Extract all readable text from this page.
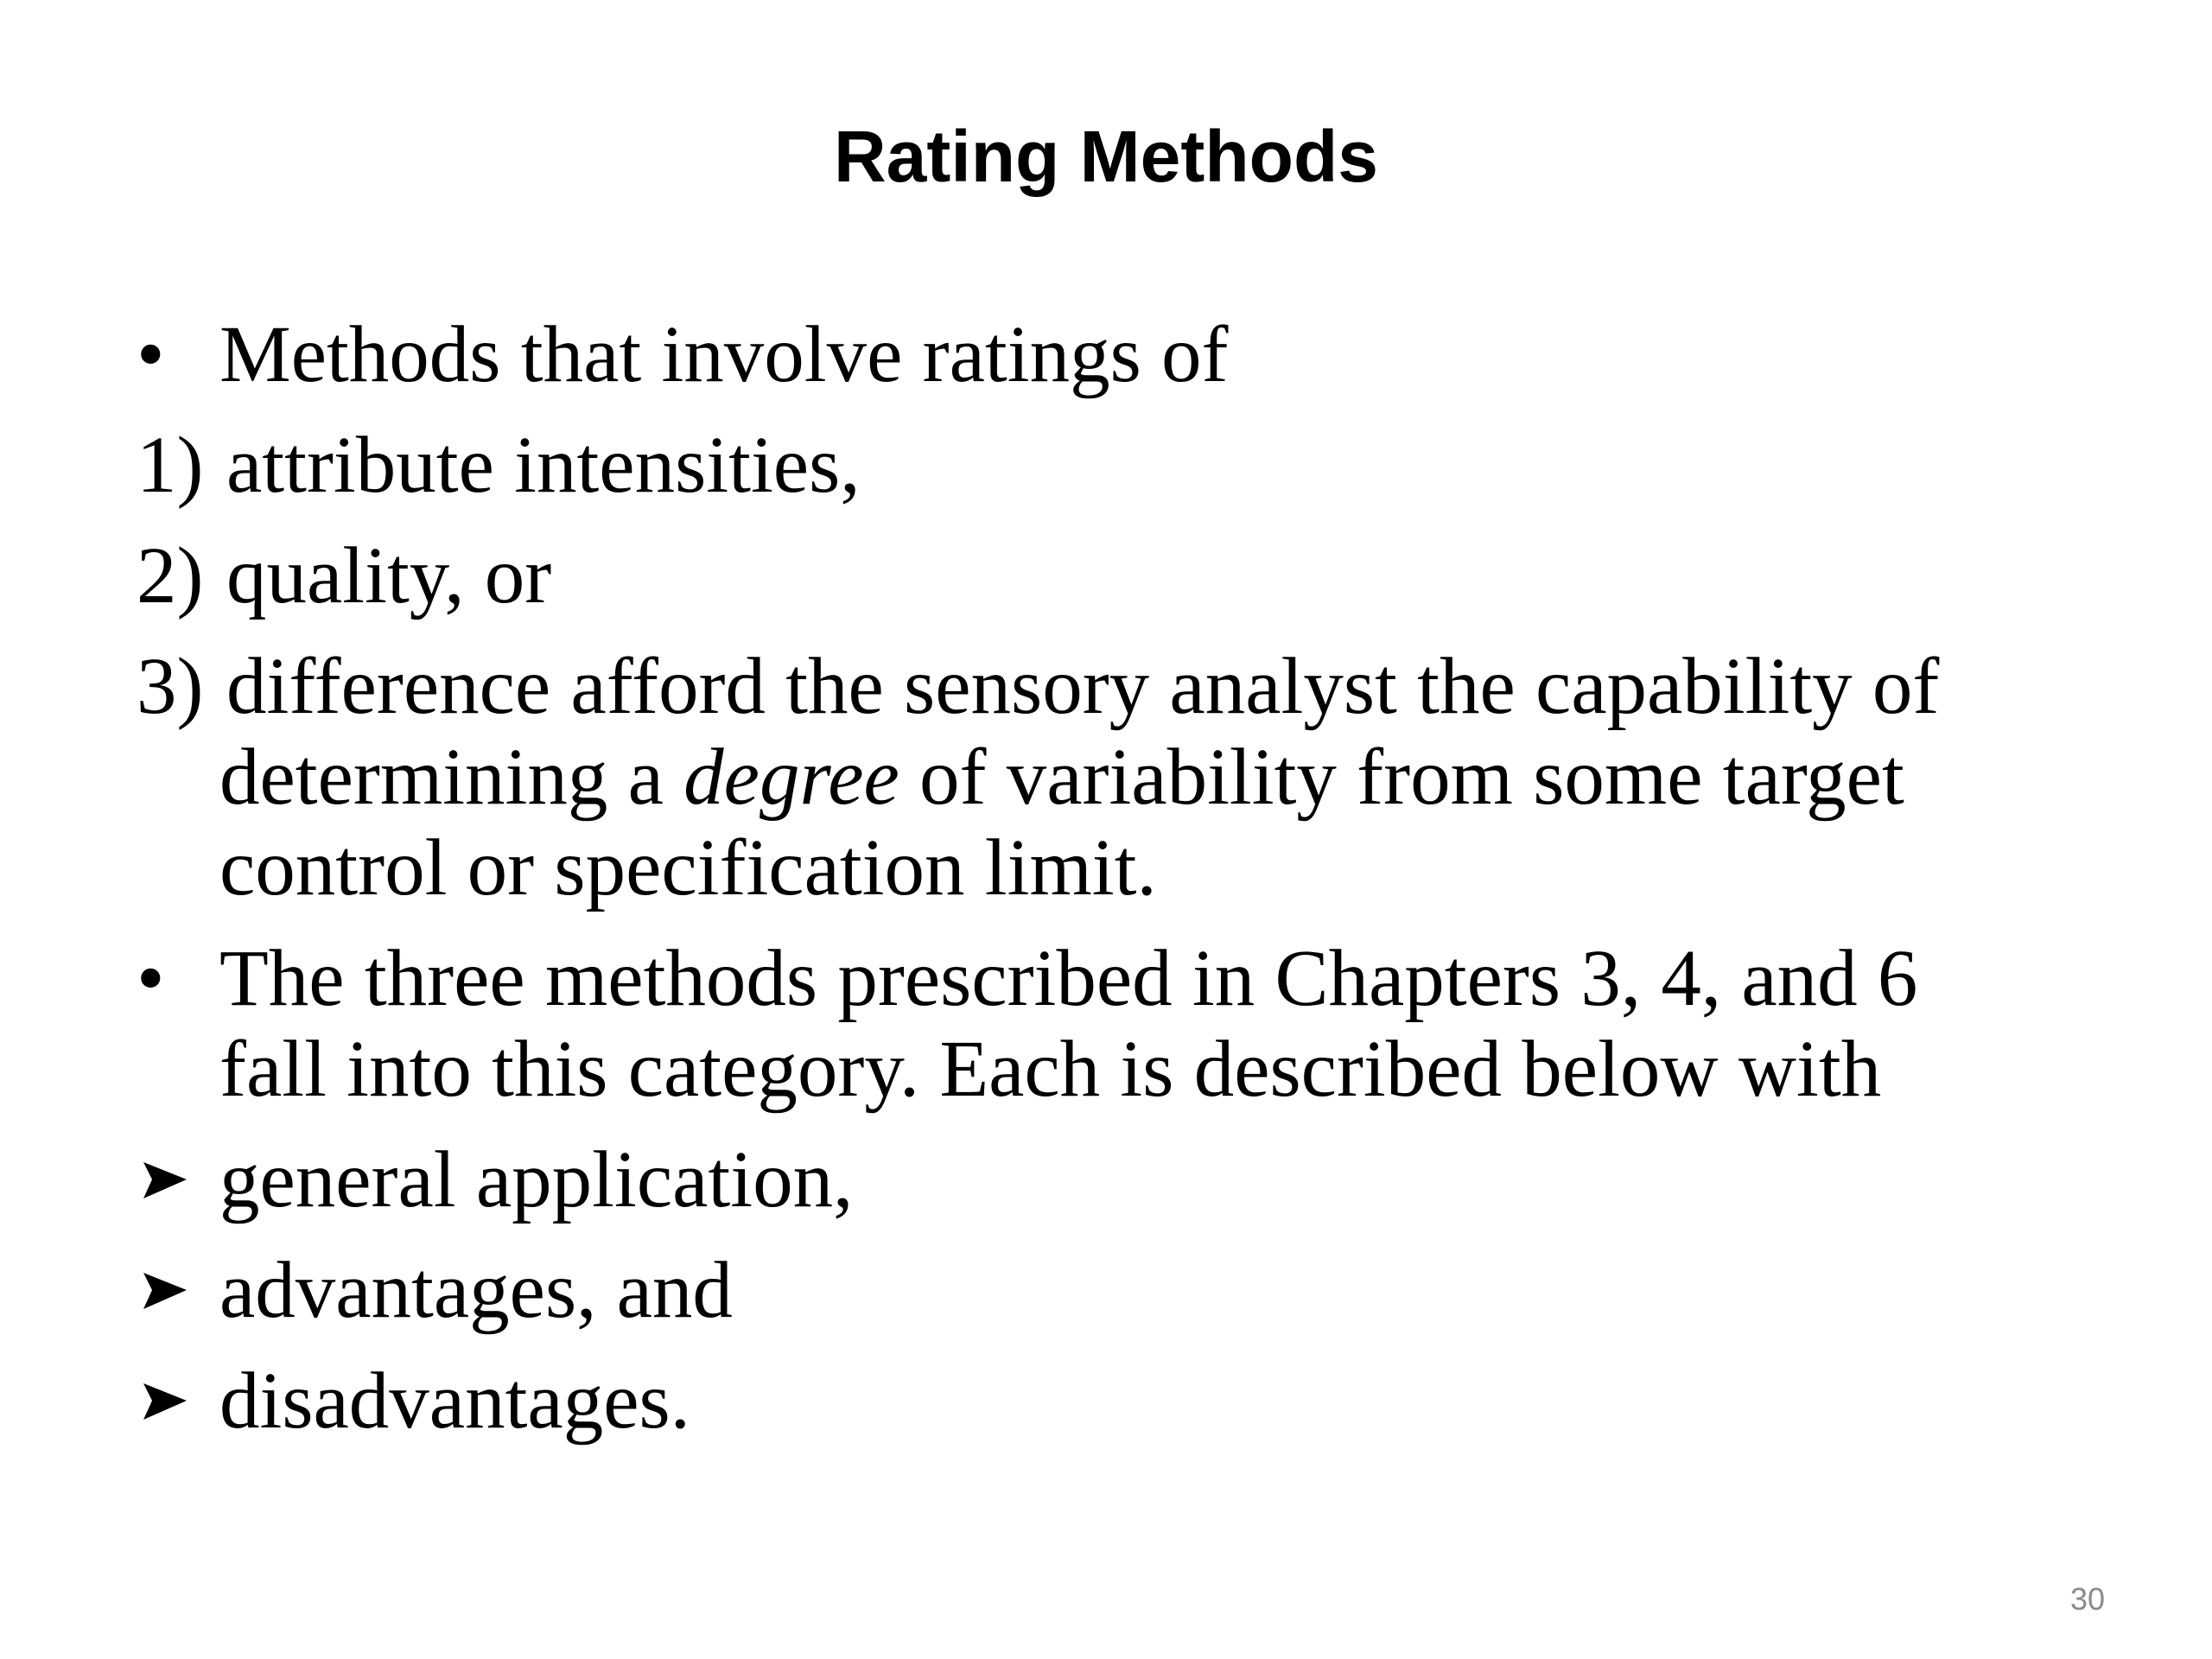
Rating Methods
• Methods that involve ratings of
1) attribute intensities,
2) quality, or
3) difference afford the sensory analyst the capability of
determining a degree of variability from some target
control or specification limit.
• The three methods prescribed in Chapters 3, 4, and 6
fall into this category. Each is described below with
general application,
advantages, and
disadvantages.
30
